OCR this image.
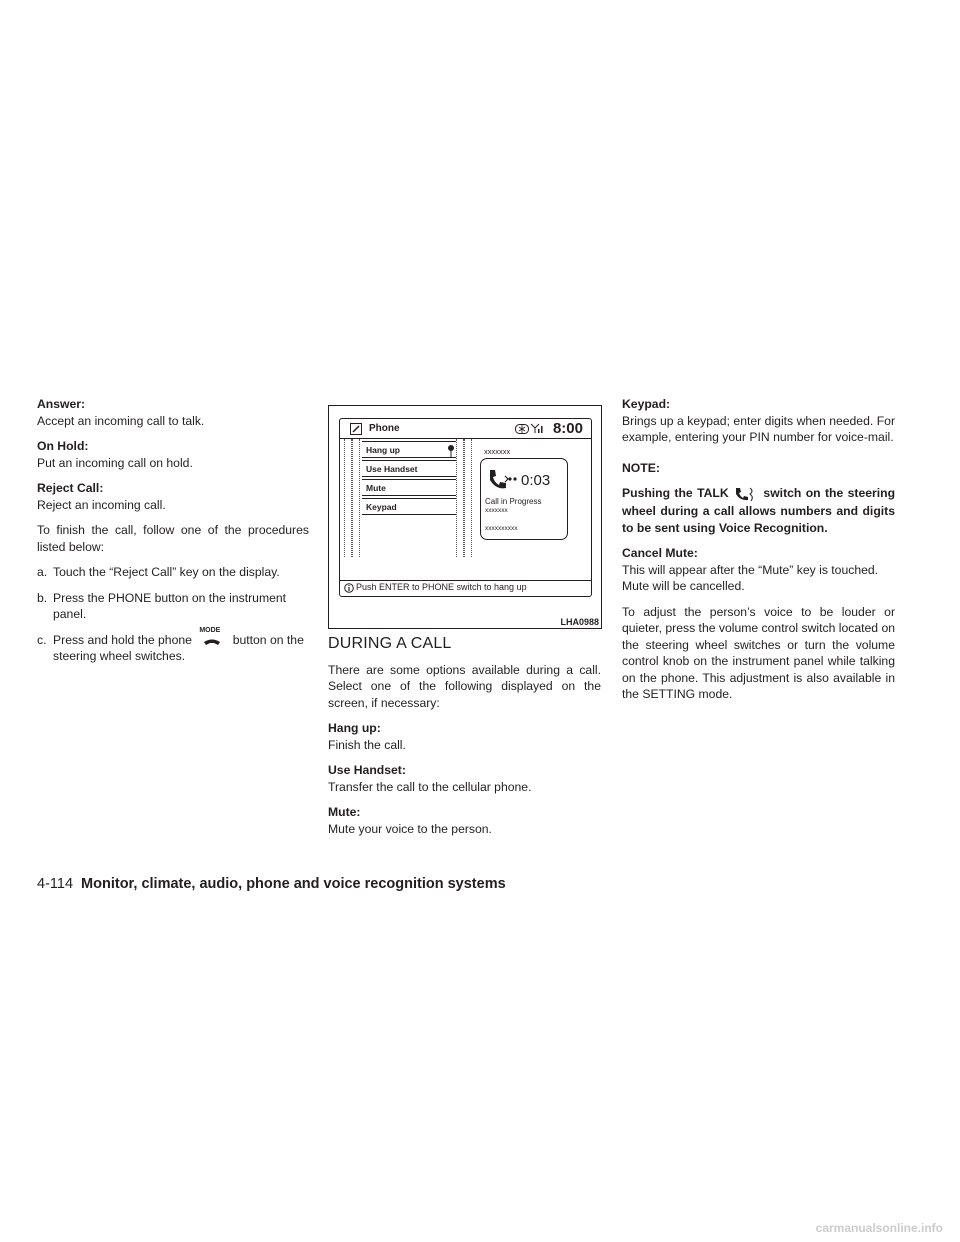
Answer:

Accept an incoming call to talk.

On Hold:

Put an incoming call on hold.

Reject Call:

Reject an incoming call.

To finish the call, follow one of the procedures listed below:

a. Touch the “Reject Call” key on the display.

b. Press the PHONE button on the instrument panel.

c. Press and hold the phone
MODE
button on the steering wheel switches.

Phone	8:00
Hang up
Use Handset
Mute
Keypad
xxxxxxx
0:03
Call in Progress
xxxxxxx
xxxxxxxxxx
Push ENTER to PHONE switch to hang up
LHA0988

DURING A CALL

There are some options available during a call. Select one of the following displayed on the screen, if necessary:

Hang up:

Finish the call.

Use Handset:

Transfer the call to the cellular phone.

Mute:

Mute your voice to the person.

Keypad:

Brings up a keypad; enter digits when needed. For example, entering your PIN number for voice-mail.

NOTE:

Pushing the TALK	switch on the steering wheel during a call allows numbers and digits to be sent using Voice Recognition.

Cancel Mute:

This will appear after the “Mute” key is touched. Mute will be cancelled.

To adjust the person’s voice to be louder or quieter, press the volume control switch located on the steering wheel switches or turn the volume control knob on the instrument panel while talking on the phone. This adjustment is also available in the SETTING mode.

4-114 Monitor, climate, audio, phone and voice recognition systems
carmanualsonline.info
